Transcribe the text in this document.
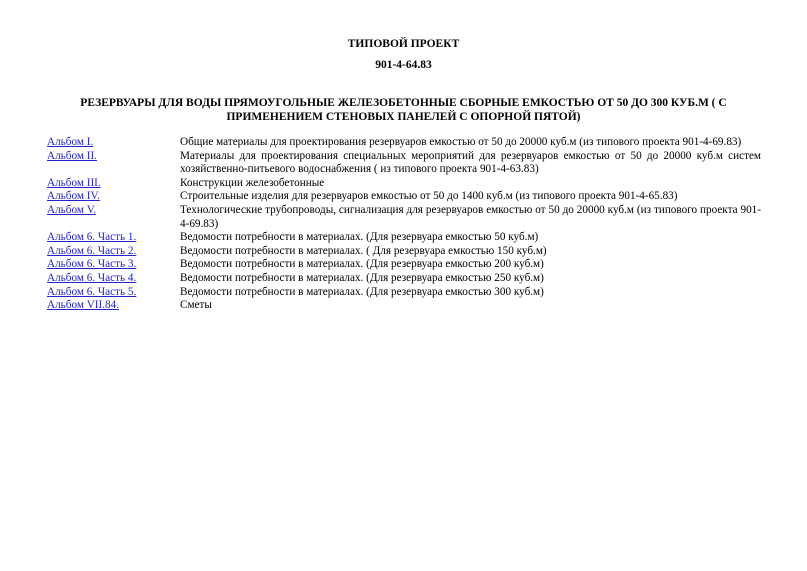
ТИПОВОЙ ПРОЕКТ
901-4-64.83
РЕЗЕРВУАРЫ ДЛЯ ВОДЫ ПРЯМОУГОЛЬНЫЕ ЖЕЛЕЗОБЕТОННЫЕ СБОРНЫЕ ЕМКОСТЬЮ ОТ 50 ДО 300 КУБ.М ( С ПРИМЕНЕНИЕМ СТЕНОВЫХ ПАНЕЛЕЙ С ОПОРНОЙ ПЯТОЙ)
Альбом I.	Общие материалы для проектирования резервуаров емкостью от 50 до 20000 куб.м (из типового проекта 901-4-69.83)
Альбом II.	Материалы для проектирования специальных мероприятий для резервуаров емкостью от 50 до 20000 куб.м систем хозяйственно-питьевого водоснабжения ( из типового проекта 901-4-63.83)
Альбом III.	Конструкции железобетонные
Альбом IV.	Строительные изделия для резервуаров емкостью от 50 до 1400 куб.м (из типового проекта 901-4-65.83)
Альбом V.	Технологические трубопроводы, сигнализация для резервуаров емкостью от 50 до 20000 куб.м (из типового проекта 901-4-69.83)
Альбом 6. Часть 1.	Ведомости потребности в материалах. (Для резервуара емкостью 50 куб.м)
Альбом 6. Часть 2.	Ведомости потребности в материалах. ( Для резервуара емкостью 150 куб.м)
Альбом 6. Часть 3.	Ведомости потребности в материалах. (Для резервуара емкостью 200 куб.м)
Альбом 6. Часть 4.	Ведомости потребности в материалах. (Для резервуара емкостью 250 куб.м)
Альбом 6. Часть 5.	Ведомости потребности в материалах. (Для резервуара емкостью 300 куб.м)
Альбом VII.84.	Сметы
